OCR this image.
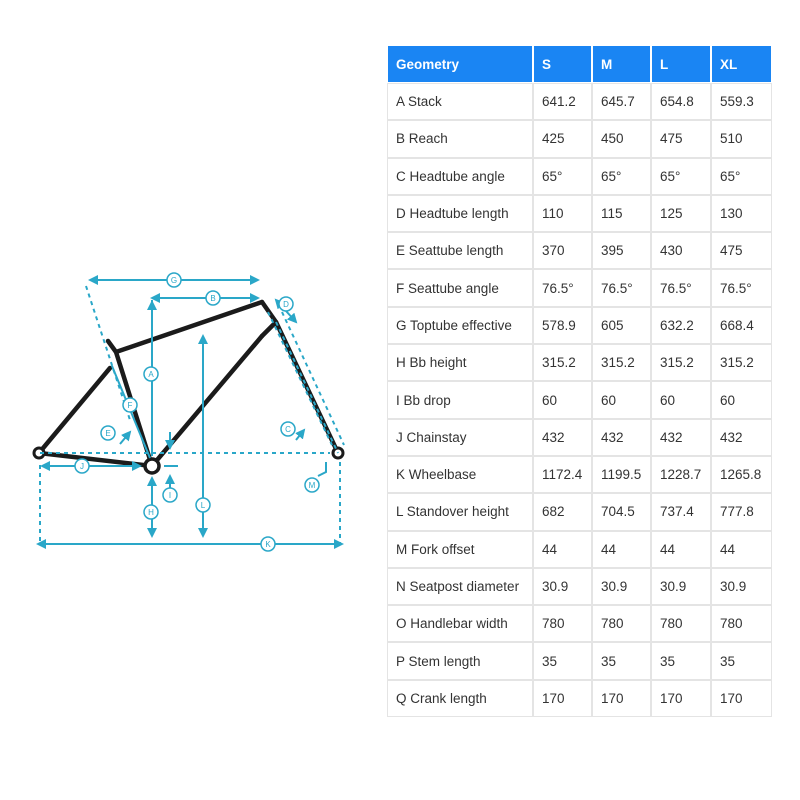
G
B
D
A
F
E	C
J
I
M
L
H
K
Geometry	S	M	L	XL
A Stack	641.2	645.7	654.8	559.3
B Reach	425	450	475	510
C Headtube angle	65°	65°	65°	65°
D Headtube length	110	115	125	130
E Seattube length	370	395	430	475
F Seattube angle	76.5°	76.5°	76.5°	76.5°
G Toptube effective	578.9	605	632.2	668.4
H Bb height	315.2	315.2	315.2	315.2
I Bb drop	60	60	60	60
J Chainstay	432	432	432	432
K Wheelbase	1172.4	1199.5	1228.7	1265.8
L Standover height	682	704.5	737.4	777.8
M Fork offset	44	44	44	44
N Seatpost diameter	30.9	30.9	30.9	30.9
O Handlebar width	780	780	780	780
P Stem length	35	35	35	35
Q Crank length	170	170	170	170
